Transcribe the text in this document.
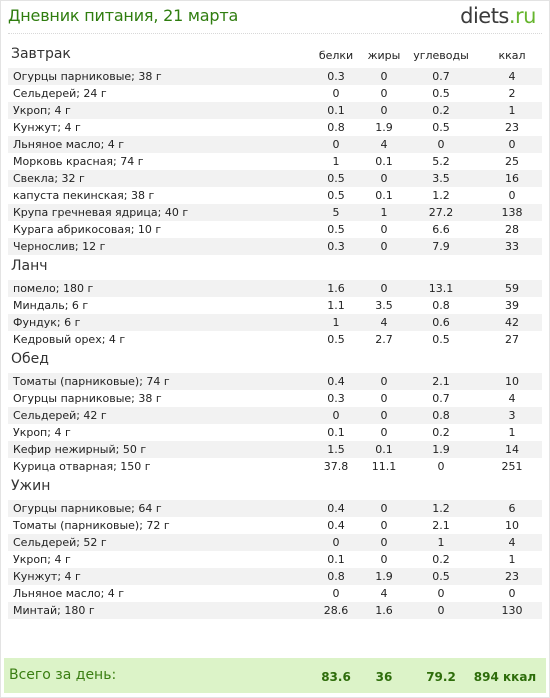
Дневник питания, 21 марта	diets.ru
Завтрак	белки	жиры	углеводы	ккал
Огурцы парниковые; 38 г	0.3	0	0.7	4
Сельдерей; 24 г	0	0	0.5	2
Укроп; 4 г	0.1	0	0.2	1
Кунжут; 4 г	0.8	1.9	0.5	23
Льняное масло; 4 г	0	4	0	0
Морковь красная; 74 г	1	0.1	5.2	25
Свекла; 32 г	0.5	0	3.5	16
капуста пекинская; 38 г	0.5	0.1	1.2	0
Крупа гречневая ядрица; 40 г	5	1	27.2	138
Курага абрикосовая; 10 г	0.5	0	6.6	28
Чернослив; 12 г	0.3	0	7.9	33
Ланч
помело; 180 г	1.6	0	13.1	59
Миндаль; 6 г	1.1	3.5	0.8	39
Фундук; 6 г	1	4	0.6	42
Кедровый орех; 4 г	0.5	2.7	0.5	27
Обед
Томаты (парниковые); 74 г	0.4	0	2.1	10
Огурцы парниковые; 38 г	0.3	0	0.7	4
Сельдерей; 42 г	0	0	0.8	3
Укроп; 4 г	0.1	0	0.2	1
Кефир нежирный; 50 г	1.5	0.1	1.9	14
Курица отварная; 150 г	37.8	11.1	0	251
Ужин
Огурцы парниковые; 64 г	0.4	0	1.2	6
Томаты (парниковые); 72 г	0.4	0	2.1	10
Сельдерей; 52 г	0	0	1	4
Укроп; 4 г	0.1	0	0.2	1
Кунжут; 4 г	0.8	1.9	0.5	23
Льняное масло; 4 г	0	4	0	0
Минтай; 180 г	28.6	1.6	0	130
Всего за день:	83.6	36	79.2	894 ккал
